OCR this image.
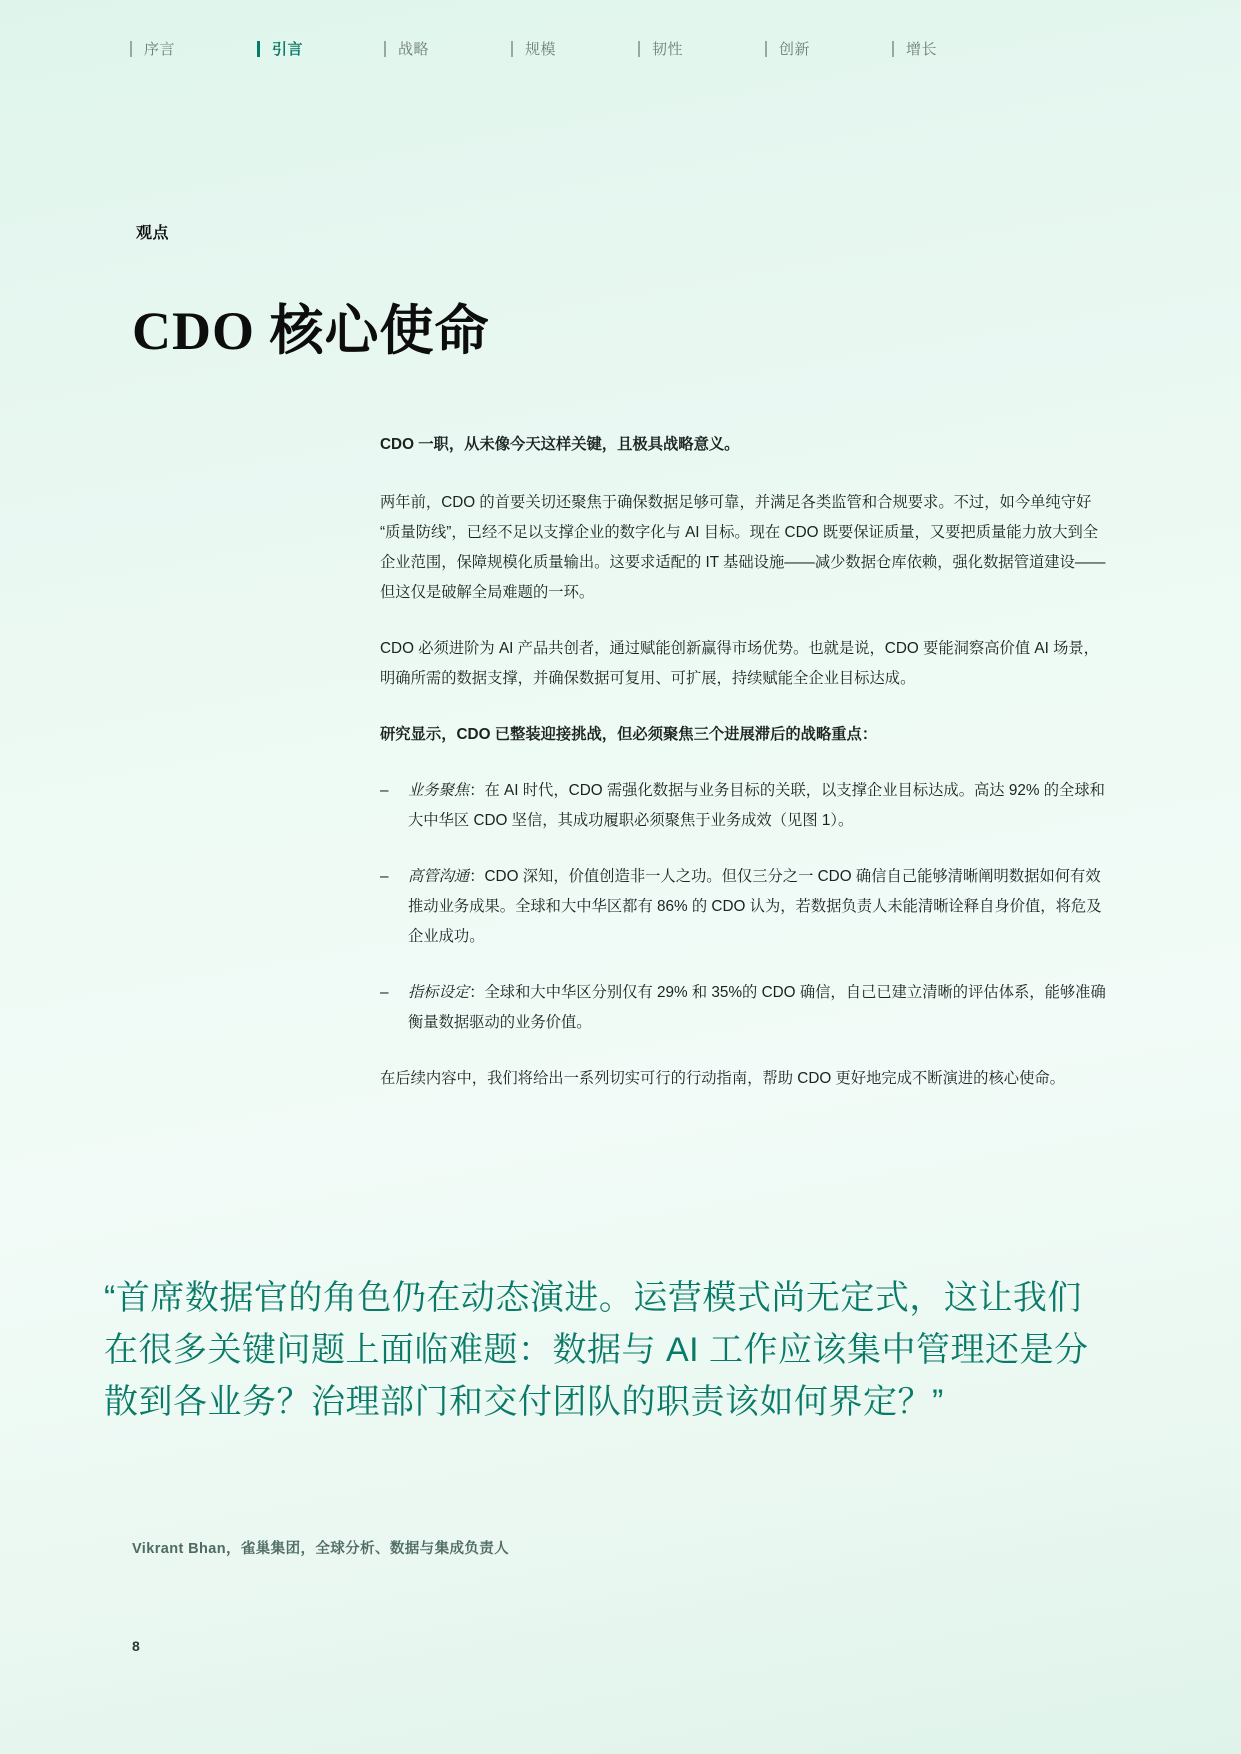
序言	引言	战略	规模	韧性	创新	增长
观点
CDO 核心使命

CDO 一职，从未像今天这样关键，且极具战略意义。

两年前，CDO 的首要关切还聚焦于确保数据足够可靠，并满足各类监管和合规要求。不过，如今单纯守好“质量防线”，已经不足以支撑企业的数字化与 AI 目标。现在 CDO 既要保证质量，又要把质量能力放大到全企业范围，保障规模化质量输出。这要求适配的 IT 基础设施——减少数据仓库依赖，强化数据管道建设——但这仅是破解全局难题的一环。

CDO 必须进阶为 AI 产品共创者，通过赋能创新赢得市场优势。也就是说，CDO 要能洞察高价值 AI 场景，明确所需的数据支撑，并确保数据可复用、可扩展，持续赋能全企业目标达成。

研究显示，CDO 已整装迎接挑战，但必须聚焦三个进展滞后的战略重点：

– 业务聚焦：在 AI 时代，CDO 需强化数据与业务目标的关联，以支撑企业目标达成。高达 92% 的全球和大中华区 CDO 坚信，其成功履职必须聚焦于业务成效（见图 1）。
– 高管沟通：CDO 深知，价值创造非一人之功。但仅三分之一 CDO 确信自己能够清晰阐明数据如何有效推动业务成果。全球和大中华区都有 86% 的 CDO 认为，若数据负责人未能清晰诠释自身价值，将危及企业成功。
– 指标设定：全球和大中华区分别仅有 29% 和 35%的 CDO 确信，自己已建立清晰的评估体系，能够准确衡量数据驱动的业务价值。

在后续内容中，我们将给出一系列切实可行的行动指南，帮助 CDO 更好地完成不断演进的核心使命。

“首席数据官的角色仍在动态演进。运营模式尚无定式，这让我们在很多关键问题上面临难题：数据与 AI 工作应该集中管理还是分散到各业务？治理部门和交付团队的职责该如何界定？”
Vikrant Bhan，雀巢集团，全球分析、数据与集成负责人
8
